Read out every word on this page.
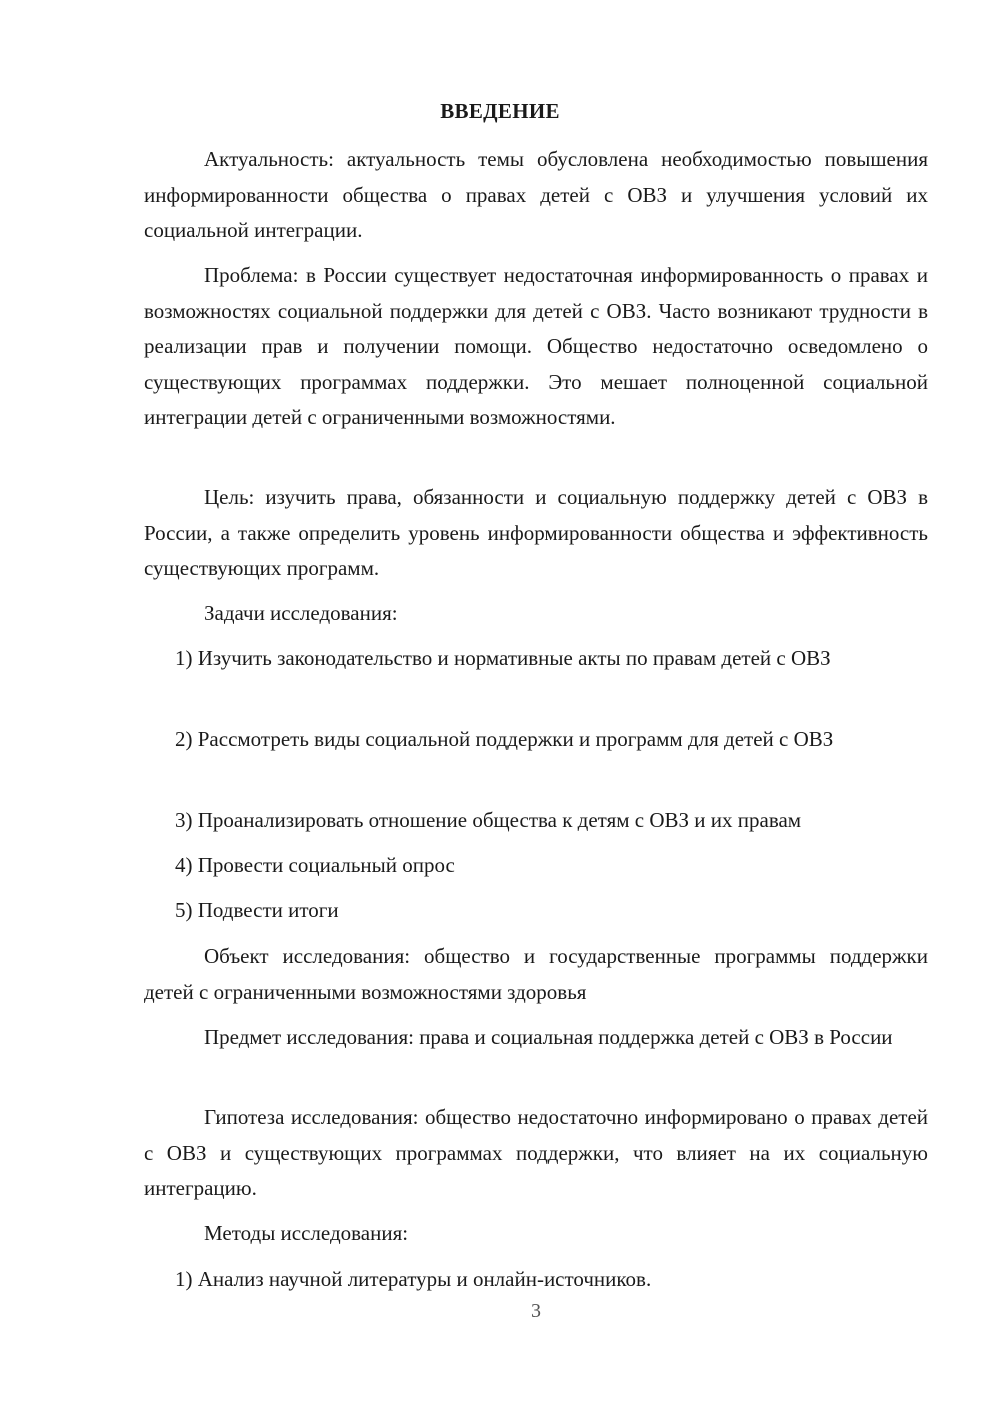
ВВЕДЕНИЕ

Актуальность: актуальность темы обусловлена необходимостью повышения информированности общества о правах детей с ОВЗ и улучшения условий их социальной интеграции.

Проблема: в России существует недостаточная информированность о правах и возможностях социальной поддержки для детей с ОВЗ. Часто возникают трудности в реализации прав и получении помощи. Общество недостаточно осведомлено о существующих программах поддержки. Это мешает полноценной социальной интеграции детей с ограниченными возможностями.

Цель: изучить права, обязанности и социальную поддержку детей с ОВЗ в России, а также определить уровень информированности общества и эффективность существующих программ.

Задачи исследования:

1) Изучить законодательство и нормативные акты по правам детей с ОВЗ

2) Рассмотреть виды социальной поддержки и программ для детей с ОВЗ

3) Проанализировать отношение общества к детям с ОВЗ и их правам

4) Провести социальный опрос

5) Подвести итоги

Объект исследования: общество и государственные программы поддержки детей с ограниченными возможностями здоровья

Предмет исследования: права и социальная поддержка детей с ОВЗ в России

Гипотеза исследования: общество недостаточно информировано о правах детей с ОВЗ и существующих программах поддержки, что влияет на их социальную интеграцию.

Методы исследования:

1) Анализ научной литературы и онлайн-источников.

3
